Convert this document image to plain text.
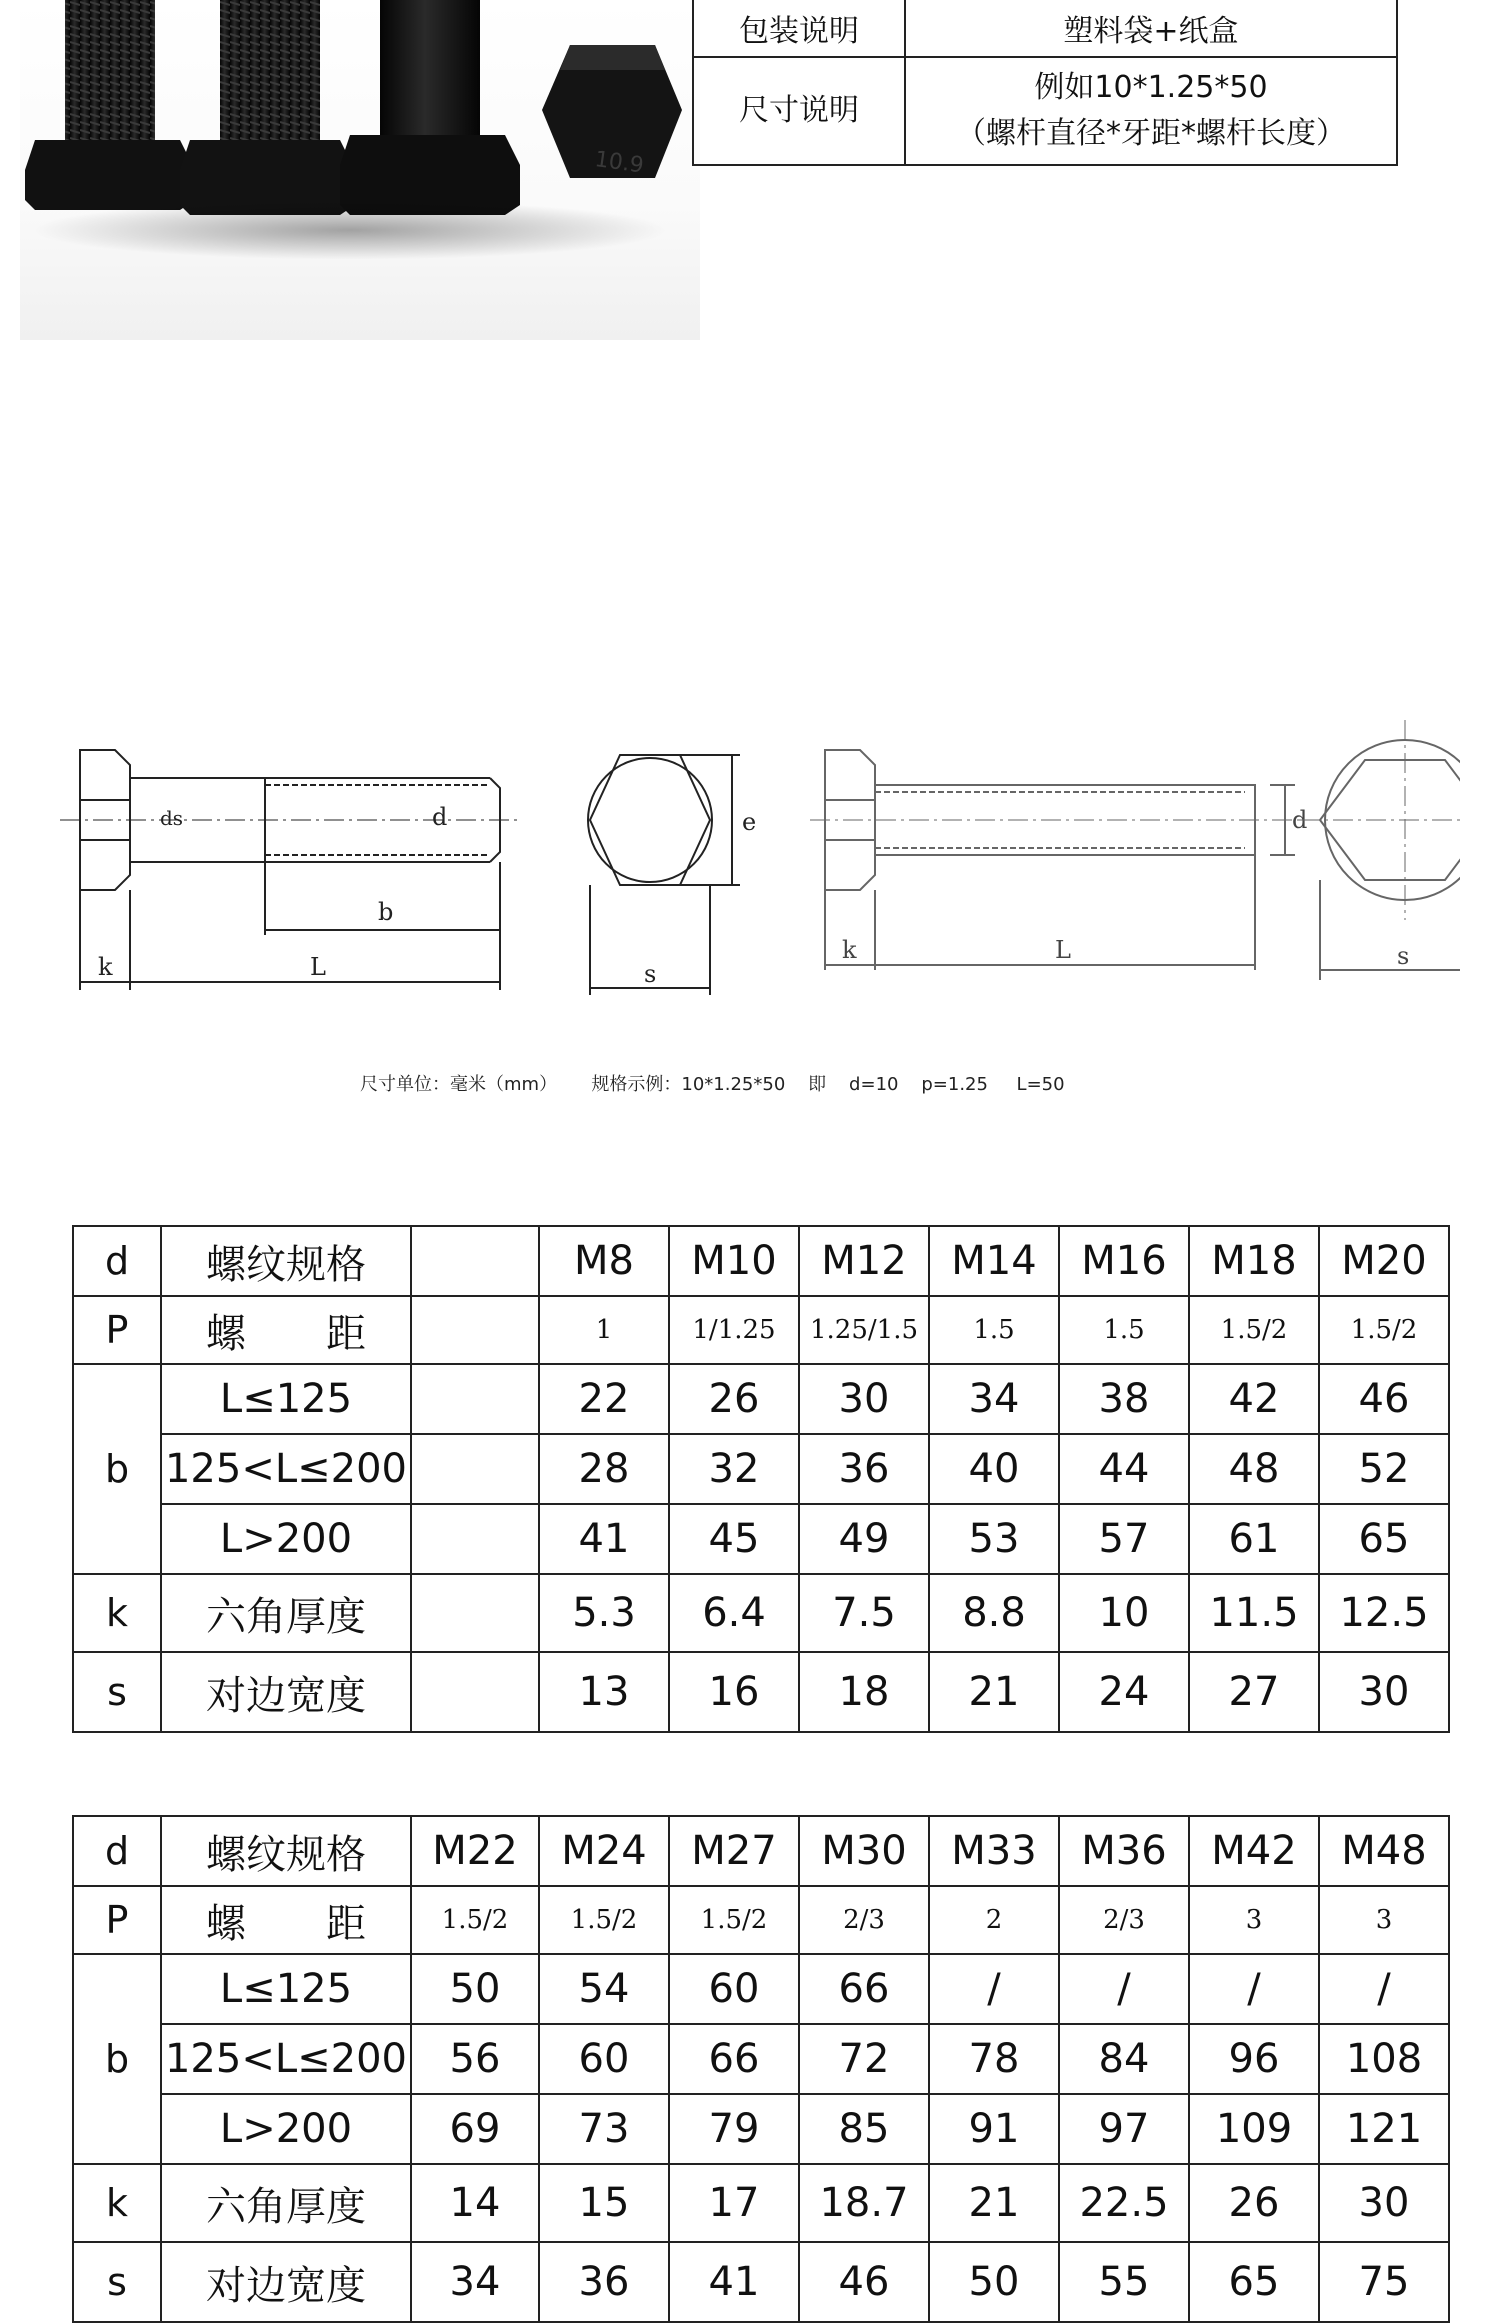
10.9
包装说明	塑料袋+纸盒
尺寸说明	例如10*1.25*50
（螺杆直径*牙距*螺杆长度）
ds	d
b
k	L	s
e
k	L
d
s
尺寸单位：毫米（mm）      规格示例：10*1.25*50    即    d=10    p=1.25     L=50
d	螺纹规格		M8	M10	M12	M14	M16	M18	M20
P	螺　　距		1	1/1.25	1.25/1.5	1.5	1.5	1.5/2	1.5/2
b	L≤125		22	26	30	34	38	42	46
	125<L≤200		28	32	36	40	44	48	52
	L>200		41	45	49	53	57	61	65
k	六角厚度		5.3	6.4	7.5	8.8	10	11.5	12.5
s	对边宽度		13	16	18	21	24	27	30
d	螺纹规格	M22	M24	M27	M30	M33	M36	M42	M48
P	螺　　距	1.5/2	1.5/2	1.5/2	2/3	2	2/3	3	3
b	L≤125	50	54	60	66	/	/	/	/
	125<L≤200	56	60	66	72	78	84	96	108
	L>200	69	73	79	85	91	97	109	121
k	六角厚度	14	15	17	18.7	21	22.5	26	30
s	对边宽度	34	36	41	46	50	55	65	75
